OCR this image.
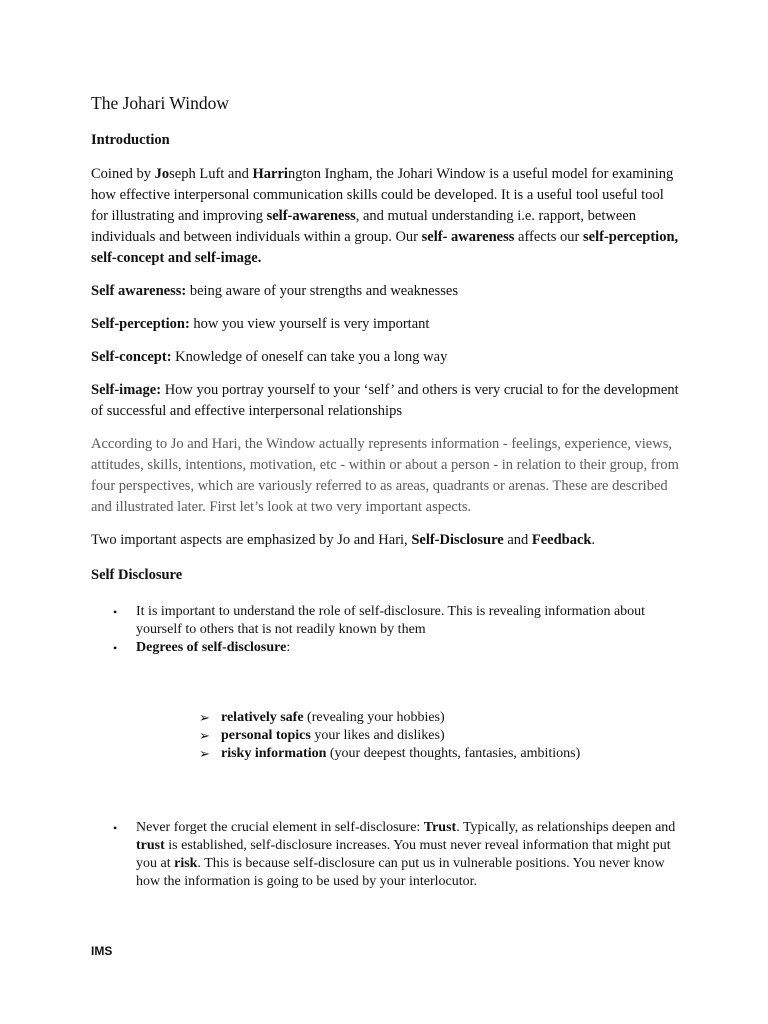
The Johari Window
Introduction

Coined by Joseph Luft and Harrington Ingham, the Johari Window is a useful model for examining how effective interpersonal communication skills could be developed. It is a useful tool useful tool for illustrating and improving self-awareness, and mutual understanding i.e. rapport, between individuals and between individuals within a group. Our self- awareness affects our self-perception, self-concept and self-image.

Self awareness: being aware of your strengths and weaknesses

Self-perception: how you view yourself is very important

Self-concept: Knowledge of oneself can take you a long way

Self-image: How you portray yourself to your ‘self’ and others is very crucial to for the development of successful and effective interpersonal relationships

According to Jo and Hari, the Window actually represents information - feelings, experience, views, attitudes, skills, intentions, motivation, etc - within or about a person - in relation to their group, from four perspectives, which are variously referred to as areas, quadrants or arenas. These are described and illustrated later. First let’s look at two very important aspects.

Two important aspects are emphasized by Jo and Hari, Self-Disclosure and Feedback.

Self Disclosure
• It is important to understand the role of self-disclosure. This is revealing information about yourself to others that is not readily known by them
• Degrees of self-disclosure:
➢ relatively safe (revealing your hobbies)
➢ personal topics your likes and dislikes)
➢ risky information (your deepest thoughts, fantasies, ambitions)
• Never forget the crucial element in self-disclosure: Trust. Typically, as relationships deepen and trust is established, self-disclosure increases. You must never reveal information that might put you at risk. This is because self-disclosure can put us in vulnerable positions. You never know how the information is going to be used by your interlocutor.
IMS
